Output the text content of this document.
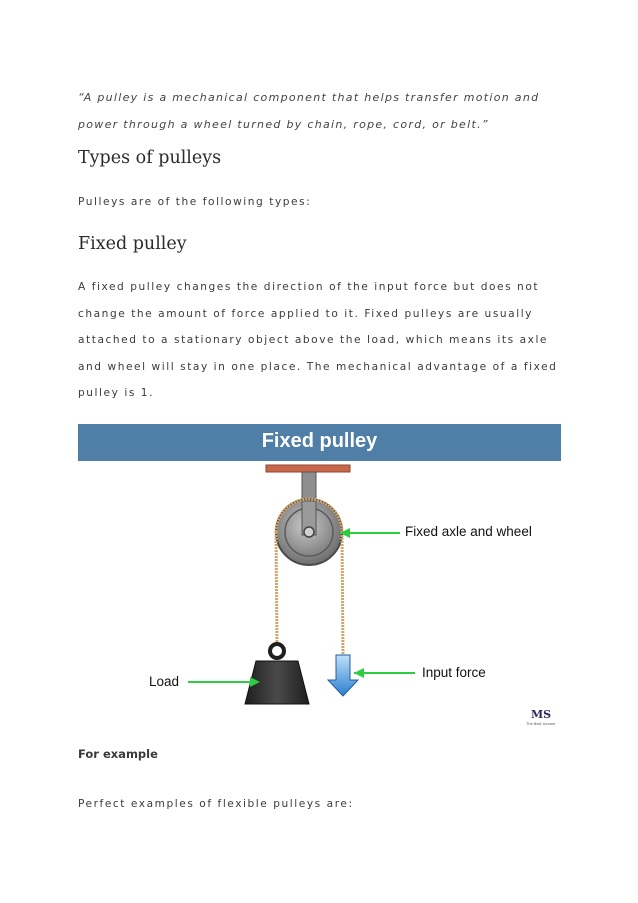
“A pulley is a mechanical component that helps transfer motion and power through a wheel turned by chain, rope, cord, or belt.”

Types of pulleys

Pulleys are of the following types:

Fixed pulley

A fixed pulley changes the direction of the input force but does not change the amount of force applied to it. Fixed pulleys are usually attached to a stationary object above the load, which means its axle and wheel will stay in one place. The mechanical advantage of a fixed pulley is 1.

Fixed pulley
Fixed axle and wheel
Load
Input force
MS
The Best Answer

For example

Perfect examples of flexible pulleys are:
